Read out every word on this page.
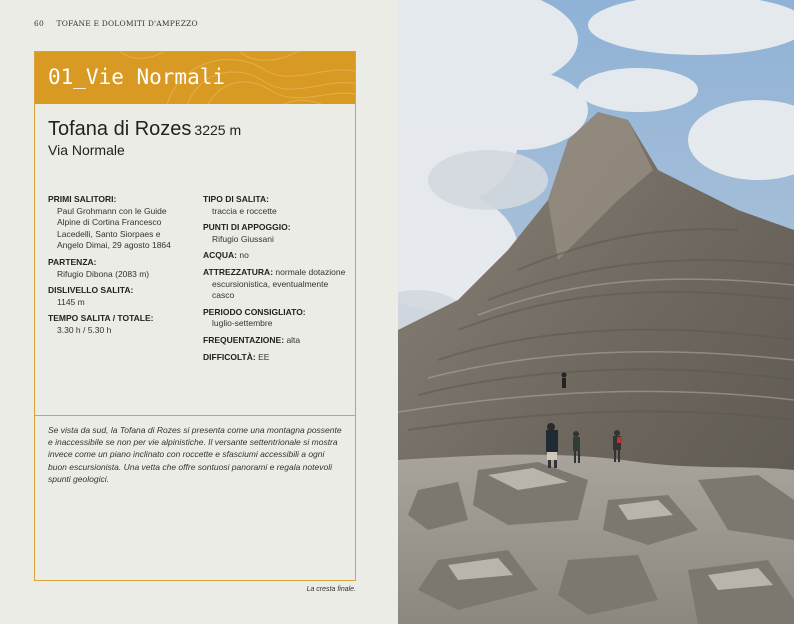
60 TOFANE E DOLOMITI D'AMPEZZO
01_Vie Normali
Tofana di Rozes 3225 m
Via Normale
PRIMI SALITORI:
Paul Grohmann con le Guide
Alpine di Cortina Francesco
Lacedelli, Santo Siorpaes e
Angelo Dimai, 29 agosto 1864
PARTENZA:
Rifugio Dibona (2083 m)
DISLIVELLO SALITA:
1145 m
TEMPO SALITA / TOTALE:
3.30 h / 5.30 h
TIPO DI SALITA:
traccia e roccette
PUNTI DI APPOGGIO:
Rifugio Giussani
ACQUA: no
ATTREZZATURA: normale dotazione
escursionistica, eventualmente
casco
PERIODO CONSIGLIATO:
luglio-settembre
FREQUENTAZIONE: alta
DIFFICOLTÀ: EE
Se vista da sud, la Tofana di Rozes si presenta come una montagna possente
e inaccessibile se non per vie alpinistiche. Il versante settentrionale si mostra
invece come un piano inclinato con roccette e sfasciumi accessibili a ogni
buon escursionista. Una vetta che offre sontuosi panorami e regala notevoli
spunti geologici.
La cresta finale.
